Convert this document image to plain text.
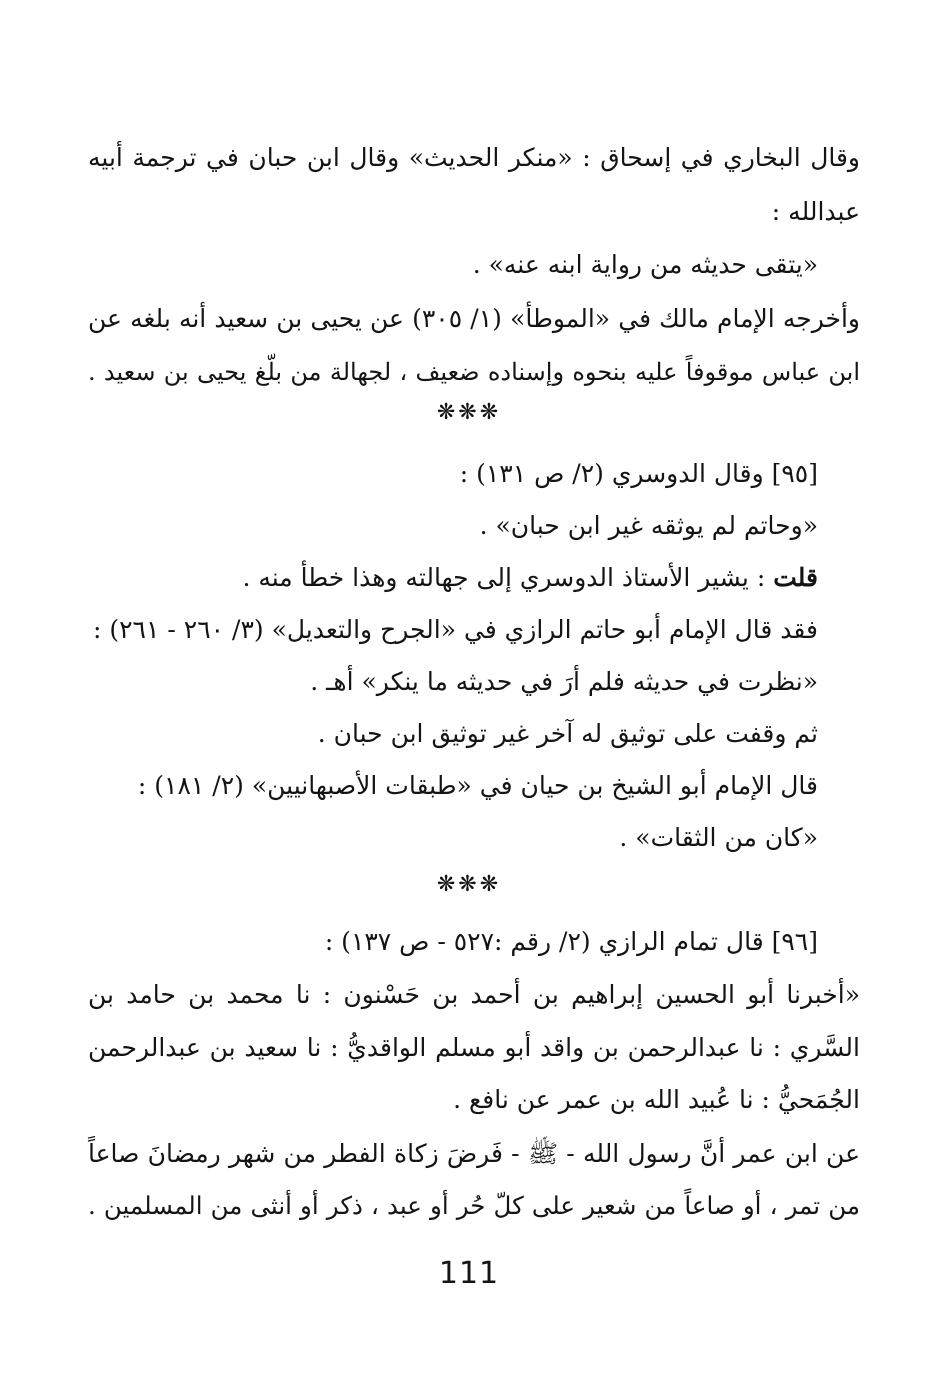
وقال البخاري في إسحاق : «منكر الحديث» وقال ابن حبان في ترجمة أبيه
عبدالله :
«يتقى حديثه من رواية ابنه عنه» .
وأخرجه الإمام مالك في «الموطأ» (١/ ٣٠٥) عن يحيى بن سعيد أنه بلغه عن
ابن عباس موقوفاً عليه بنحوه وإسناده ضعيف ، لجهالة من بلّغ يحيى بن سعيد .
[٩٥] وقال الدوسري (٢/ ص ١٣١) :
«وحاتم لم يوثقه غير ابن حبان» .
قلت : يشير الأستاذ الدوسري إلى جهالته وهذا خطأ منه .
فقد قال الإمام أبو حاتم الرازي في «الجرح والتعديل» (٣/ ٢٦٠ - ٢٦١) :
«نظرت في حديثه فلم أرَ في حديثه ما ينكر» أهـ .
ثم وقفت على توثيق له آخر غير توثيق ابن حبان .
قال الإمام أبو الشيخ بن حيان في «طبقات الأصبهانيين» (٢/ ١٨١) :
«كان من الثقات» .
[٩٦] قال تمام الرازي (٢/ رقم :٥٢٧ - ص ١٣٧) :
«أخبرنا أبو الحسين إبراهيم بن أحمد بن حَسْنون : نا محمد بن حامد بن
السَّري : نا عبدالرحمن بن واقد أبو مسلم الواقديُّ : نا سعيد بن عبدالرحمن
الجُمَحيُّ : نا عُبيد الله بن عمر عن نافع .
عن ابن عمر أنَّ رسول الله - ﷺ - فَرضَ زكاة الفطر من شهر رمضانَ صاعاً
من تمر ، أو صاعاً من شعير على كلّ حُر أو عبد ، ذكر أو أنثى من المسلمين .
❋❋❋
❋❋❋
111
